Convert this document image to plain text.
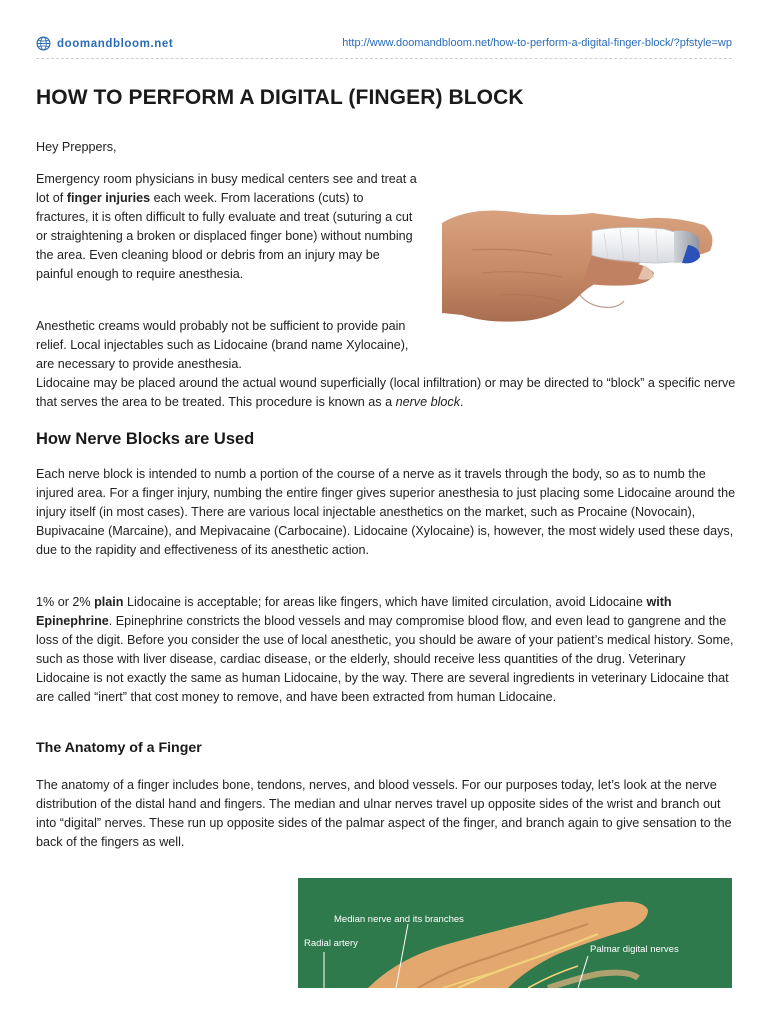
doomandbloom.net	http://www.doomandbloom.net/how-to-perform-a-digital-finger-block/?pfstyle=wp
HOW TO PERFORM A DIGITAL (FINGER) BLOCK

Hey Preppers,

Emergency room physicians in busy medical centers see and treat a lot of finger injuries each week. From lacerations (cuts) to fractures, it is often difficult to fully evaluate and treat (suturing a cut or straightening a broken or displaced finger bone) without numbing the area. Even cleaning blood or debris from an injury may be painful enough to require anesthesia.

Anesthetic creams would probably not be sufficient to provide pain relief. Local injectables such as Lidocaine (brand name Xylocaine), are necessary to provide anesthesia.

Lidocaine may be placed around the actual wound superficially (local infiltration) or may be directed to “block” a specific nerve that serves the area to be treated. This procedure is known as a nerve block.

How Nerve Blocks are Used

Each nerve block is intended to numb a portion of the course of a nerve as it travels through the body, so as to numb the injured area. For a finger injury, numbing the entire finger gives superior anesthesia to just placing some Lidocaine around the injury itself (in most cases). There are various local injectable anesthetics on the market, such as Procaine (Novocain), Bupivacaine (Marcaine), and Mepivacaine (Carbocaine). Lidocaine (Xylocaine) is, however, the most widely used these days, due to the rapidity and effectiveness of its anesthetic action.

1% or 2% plain Lidocaine is acceptable; for areas like fingers, which have limited circulation, avoid Lidocaine with Epinephrine. Epinephrine constricts the blood vessels and may compromise blood flow, and even lead to gangrene and the loss of the digit. Before you consider the use of local anesthetic, you should be aware of your patient’s medical history. Some, such as those with liver disease, cardiac disease, or the elderly, should receive less quantities of the drug. Veterinary Lidocaine is not exactly the same as human Lidocaine, by the way. There are several ingredients in veterinary Lidocaine that are called “inert” that cost money to remove, and have been extracted from human Lidocaine.

The Anatomy of a Finger

The anatomy of a finger includes bone, tendons, nerves, and blood vessels. For our purposes today, let’s look at the nerve distribution of the distal hand and fingers. The median and ulnar nerves travel up opposite sides of the wrist and branch out into “digital” nerves. These run up opposite sides of the palmar aspect of the finger, and branch again to give sensation to the back of the fingers as well.

Median nerve and its branches
Radial artery
Palmar digital nerves
